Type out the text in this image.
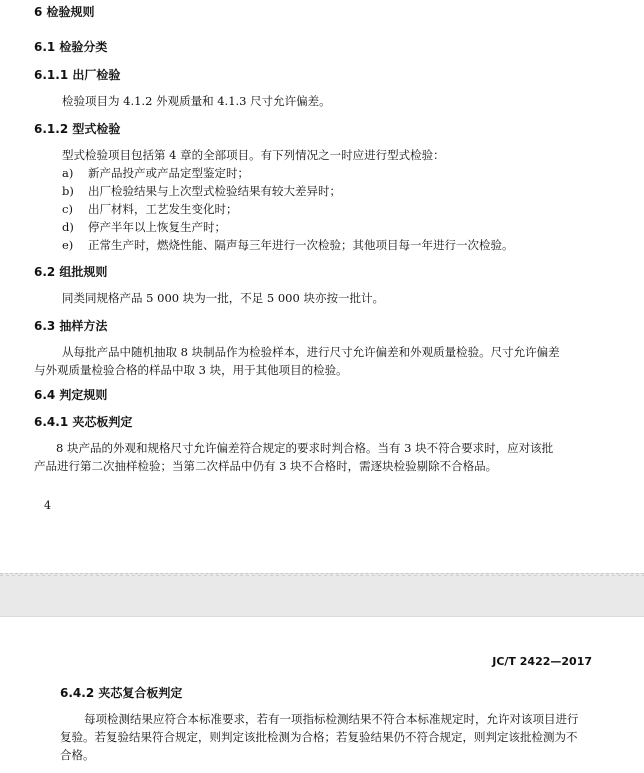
6 检验规则
6.1 检验分类
6.1.1 出厂检验
检验项目为 4.1.2 外观质量和 4.1.3 尺寸允许偏差。
6.1.2 型式检验
型式检验项目包括第 4 章的全部项目。有下列情况之一时应进行型式检验：
a) 新产品投产或产品定型鉴定时；
b) 出厂检验结果与上次型式检验结果有较大差异时；
c) 出厂材料，工艺发生变化时；
d) 停产半年以上恢复生产时；
e) 正常生产时，燃烧性能、隔声每三年进行一次检验；其他项目每一年进行一次检验。
6.2 组批规则
同类同规格产品 5 000 块为一批，不足 5 000 块亦按一批计。
6.3 抽样方法
从每批产品中随机抽取 8 块制品作为检验样本，进行尺寸允许偏差和外观质量检验。尺寸允许偏差
与外观质量检验合格的样品中取 3 块，用于其他项目的检验。
6.4 判定规则
6.4.1 夹芯板判定
8 块产品的外观和规格尺寸允许偏差符合规定的要求时判合格。当有 3 块不符合要求时，应对该批
产品进行第二次抽样检验；当第二次样品中仍有 3 块不合格时，需逐块检验剔除不合格品。
4
JC/T 2422—2017
6.4.2 夹芯复合板判定
每项检测结果应符合本标准要求，若有一项指标检测结果不符合本标准规定时，允许对该项目进行
复验。若复验结果符合规定，则判定该批检测为合格；若复验结果仍不符合规定，则判定该批检测为不
合格。
